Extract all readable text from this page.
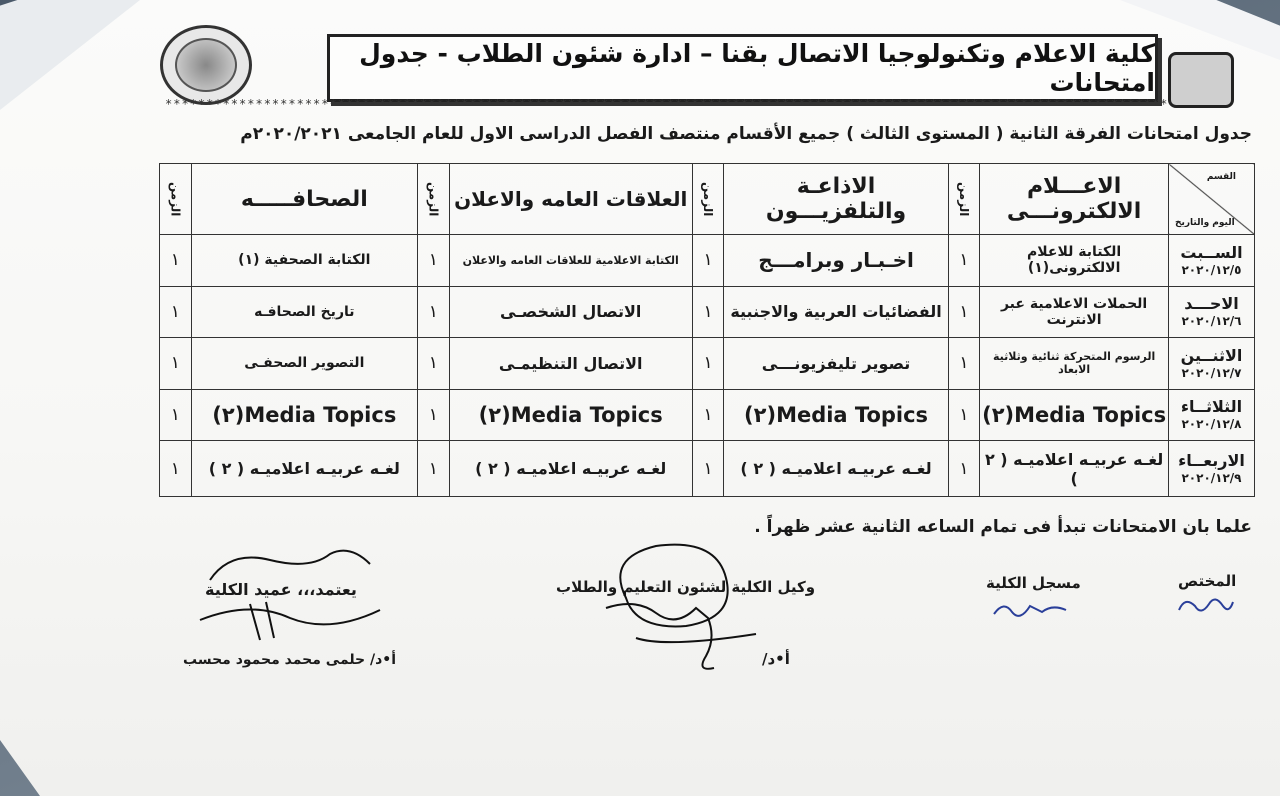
كلية الاعلام وتكنولوجيا الاتصال بقنا – ادارة شئون الطلاب - جدول امتحانات
**************************************************************************************************************************
جدول امتحانات الفرقة الثانية ( المستوى الثالث ) جميع الأقسام منتصف الفصل الدراسى الاول للعام الجامعى ٢٠٢٠/٢٠٢١م
القسم
اليوم والتاريخ	الاعـــلام الالكترونـــى	الزمن	الاذاعـة والتلفزيـــون	الزمن	العلاقات العامه والاعلان	الزمن	الصحافـــــه	الزمن

الســبت
٢٠٢٠/١٢/٥	الكتابة للاعلام الالكترونى(١)	١	اخـبـار وبرامـــج	١	الكتابة الاعلامية للعلاقات العامه والاعلان	١	الكتابة الصحفية (١)	١
الاحـــد
٢٠٢٠/١٢/٦	الحملات الاعلامية عبر الانترنت	١	الفضائيات العربية والاجنبية	١	الاتصال الشخصـى	١	تاريخ الصحافـه	١
الاثنــين
٢٠٢٠/١٢/٧	الرسوم المتحركة ثنائية وثلاثية الابعاد	١	تصوير تليفزيونـــى	١	الاتصال التنظيمـى	١	التصوير الصحفـى	١
الثلاثــاء
٢٠٢٠/١٢/٨	Media Topics(٢)	١	Media Topics(٢)	١	Media Topics(٢)	١	Media Topics(٢)	١
الاربعــاء
٢٠٢٠/١٢/٩	لغـه عربيـه اعلاميـه ( ٢ )	١	لغـه عربيـه اعلاميـه ( ٢ )	١	لغـه عربيـه اعلاميـه ( ٢ )	١	لغـه عربيـه اعلاميـه ( ٢ )	١
علما بان الامتحانات تبدأ فى تمام الساعه الثانية عشر ظهراً .
المختص
مسجل الكلية
وكيل الكلية لشئون التعليم والطلاب
أ•د/
يعتمد،،، عميد الكلية
أ•د/ حلمى محمد محمود محسب
